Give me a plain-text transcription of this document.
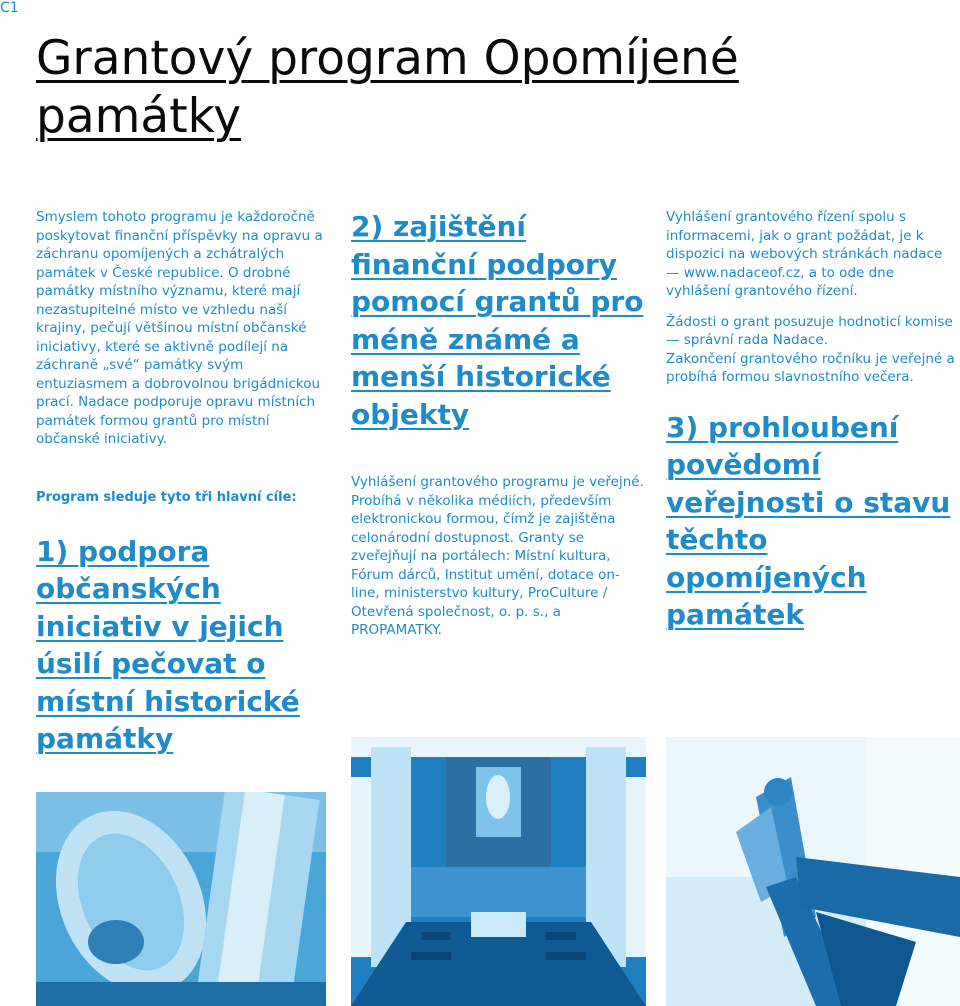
C1
Grantový program Opomíjené památky

Smyslem tohoto programu je každoročně poskytovat finanční příspěvky na opravu a záchranu opomíjených a zchátralých památek v České republice. O drobné památky místního významu, které mají nezastupitelné místo ve vzhledu naší krajiny, pečují většinou místní občanské iniciativy, které se aktivně podílejí na záchraně „své“ památky svým entuziasmem a dobrovolnou brigádnickou prací. Nadace podporuje opravu místních památek formou grantů pro místní občanské iniciativy.

Program sleduje tyto tři hlavní cíle:

1) podpora občanských iniciativ v jejich úsilí pečovat o místní historické památky

2) zajištění finanční podpory pomocí grantů pro méně známé a menší historické objekty

Vyhlášení grantového programu je veřejné. Probíhá v několika médiích, především elektronickou formou, čímž je zajištěna celonárodní dostupnost. Granty se zveřejňují na portálech: Místní kultura, Fórum dárců, Institut umění, dotace on-line, ministerstvo kultury, ProCulture / Otevřená společnost, o. p. s., a PROPAMATKY.

Vyhlášení grantového řízení spolu s informacemi, jak o grant požádat, je k dispozici na webových stránkách nadace — www.nadaceof.cz, a to ode dne vyhlášení grantového řízení.

Žádosti o grant posuzuje hodnoticí komise — správní rada Nadace.

Zakončení grantového ročníku je veřejné a probíhá formou slavnostního večera.

3) prohloubení povědomí veřejnosti o stavu těchto opomíjených památek
